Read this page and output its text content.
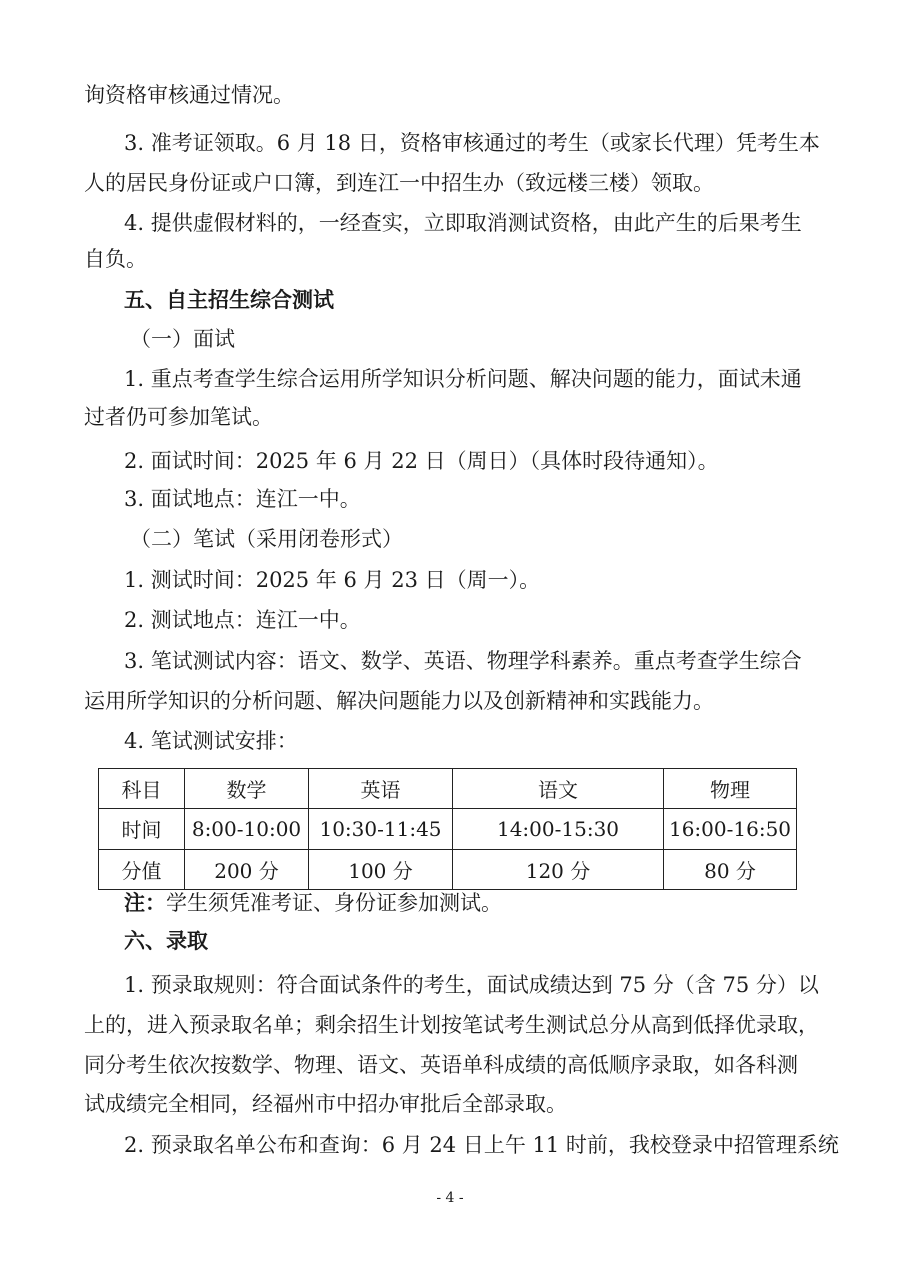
询资格审核通过情况。
3. 准考证领取。6 月 18 日，资格审核通过的考生（或家长代理）凭考生本
人的居民身份证或户口簿，到连江一中招生办（致远楼三楼）领取。
4. 提供虚假材料的，一经查实，立即取消测试资格，由此产生的后果考生
自负。
五、自主招生综合测试
（一）面试
1. 重点考查学生综合运用所学知识分析问题、解决问题的能力，面试未通
过者仍可参加笔试。
2. 面试时间：2025 年 6 月 22 日（周日）（具体时段待通知）。
3. 面试地点：连江一中。
（二）笔试（采用闭卷形式）
1. 测试时间：2025 年 6 月 23 日（周一）。
2. 测试地点：连江一中。
3. 笔试测试内容：语文、数学、英语、物理学科素养。重点考查学生综合
运用所学知识的分析问题、解决问题能力以及创新精神和实践能力。
4. 笔试测试安排：
科目	数学	英语	语文	物理
时间	8:00-10:00	10:30-11:45	14:00-15:30	16:00-16:50
分值	200 分	100 分	120 分	80 分
注：学生须凭准考证、身份证参加测试。
六、录取
1. 预录取规则：符合面试条件的考生，面试成绩达到 75 分（含 75 分）以
上的，进入预录取名单；剩余招生计划按笔试考生测试总分从高到低择优录取，
同分考生依次按数学、物理、语文、英语单科成绩的高低顺序录取，如各科测
试成绩完全相同，经福州市中招办审批后全部录取。
2. 预录取名单公布和查询：6 月 24 日上午 11 时前，我校登录中招管理系统
- 4 -
